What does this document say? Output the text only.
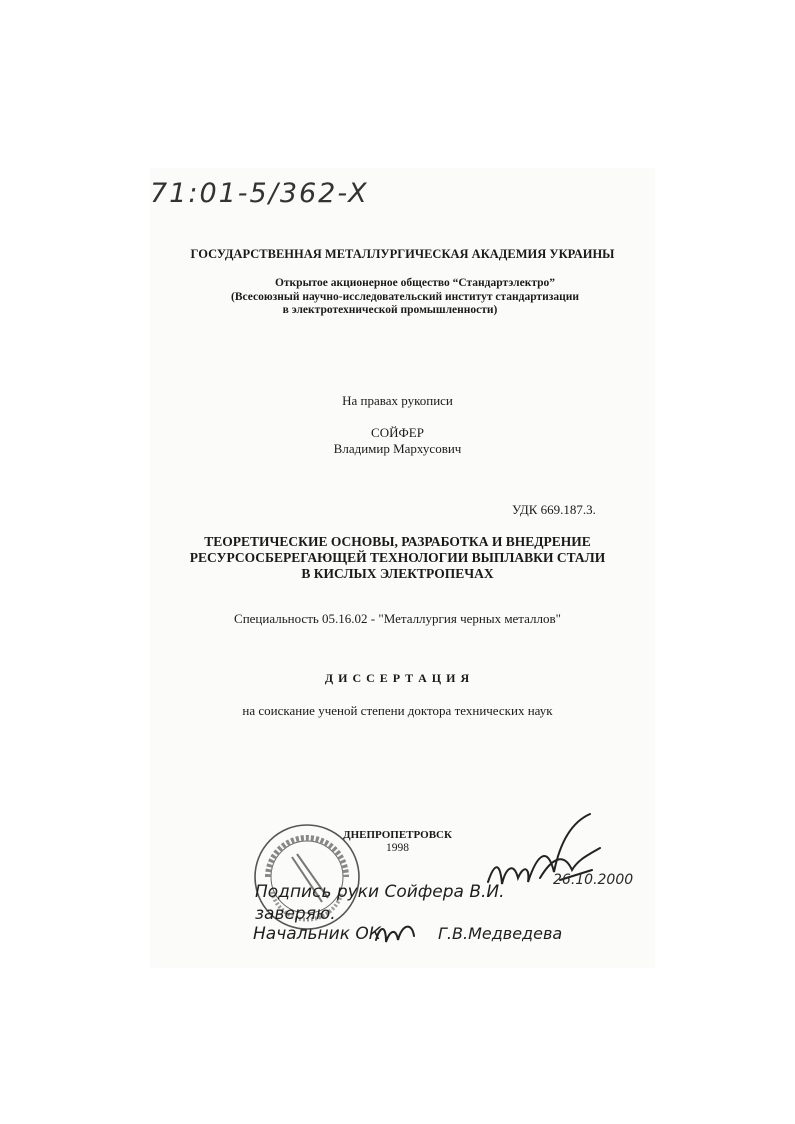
71:01-5/362-X
ГОСУДАРСТВЕННАЯ МЕТАЛЛУРГИЧЕСКАЯ АКАДЕМИЯ УКРАИНЫ
Открытое акционерное общество “Стандартэлектро”
(Всесоюзный научно-исследовательский институт стандартизации
в электротехнической промышленности)
На правах рукописи
СОЙФЕР
Владимир Мархусович
УДК 669.187.3.
ТЕОРЕТИЧЕСКИЕ ОСНОВЫ, РАЗРАБОТКА И ВНЕДРЕНИЕ
РЕСУРСОСБЕРЕГАЮЩЕЙ ТЕХНОЛОГИИ ВЫПЛАВКИ СТАЛИ
В КИСЛЫХ ЭЛЕКТРОПЕЧАХ
Специальность 05.16.02 - "Металлургия черных металлов"
Д И С С Е Р Т А Ц И Я
на соискание ученой степени доктора технических наук
ДНЕПРОПЕТРОВСК
1998
26.10.2000
Подпись руки Сойфера В.И.
заверяю.
Начальник ОК	Г.В.Медведева
